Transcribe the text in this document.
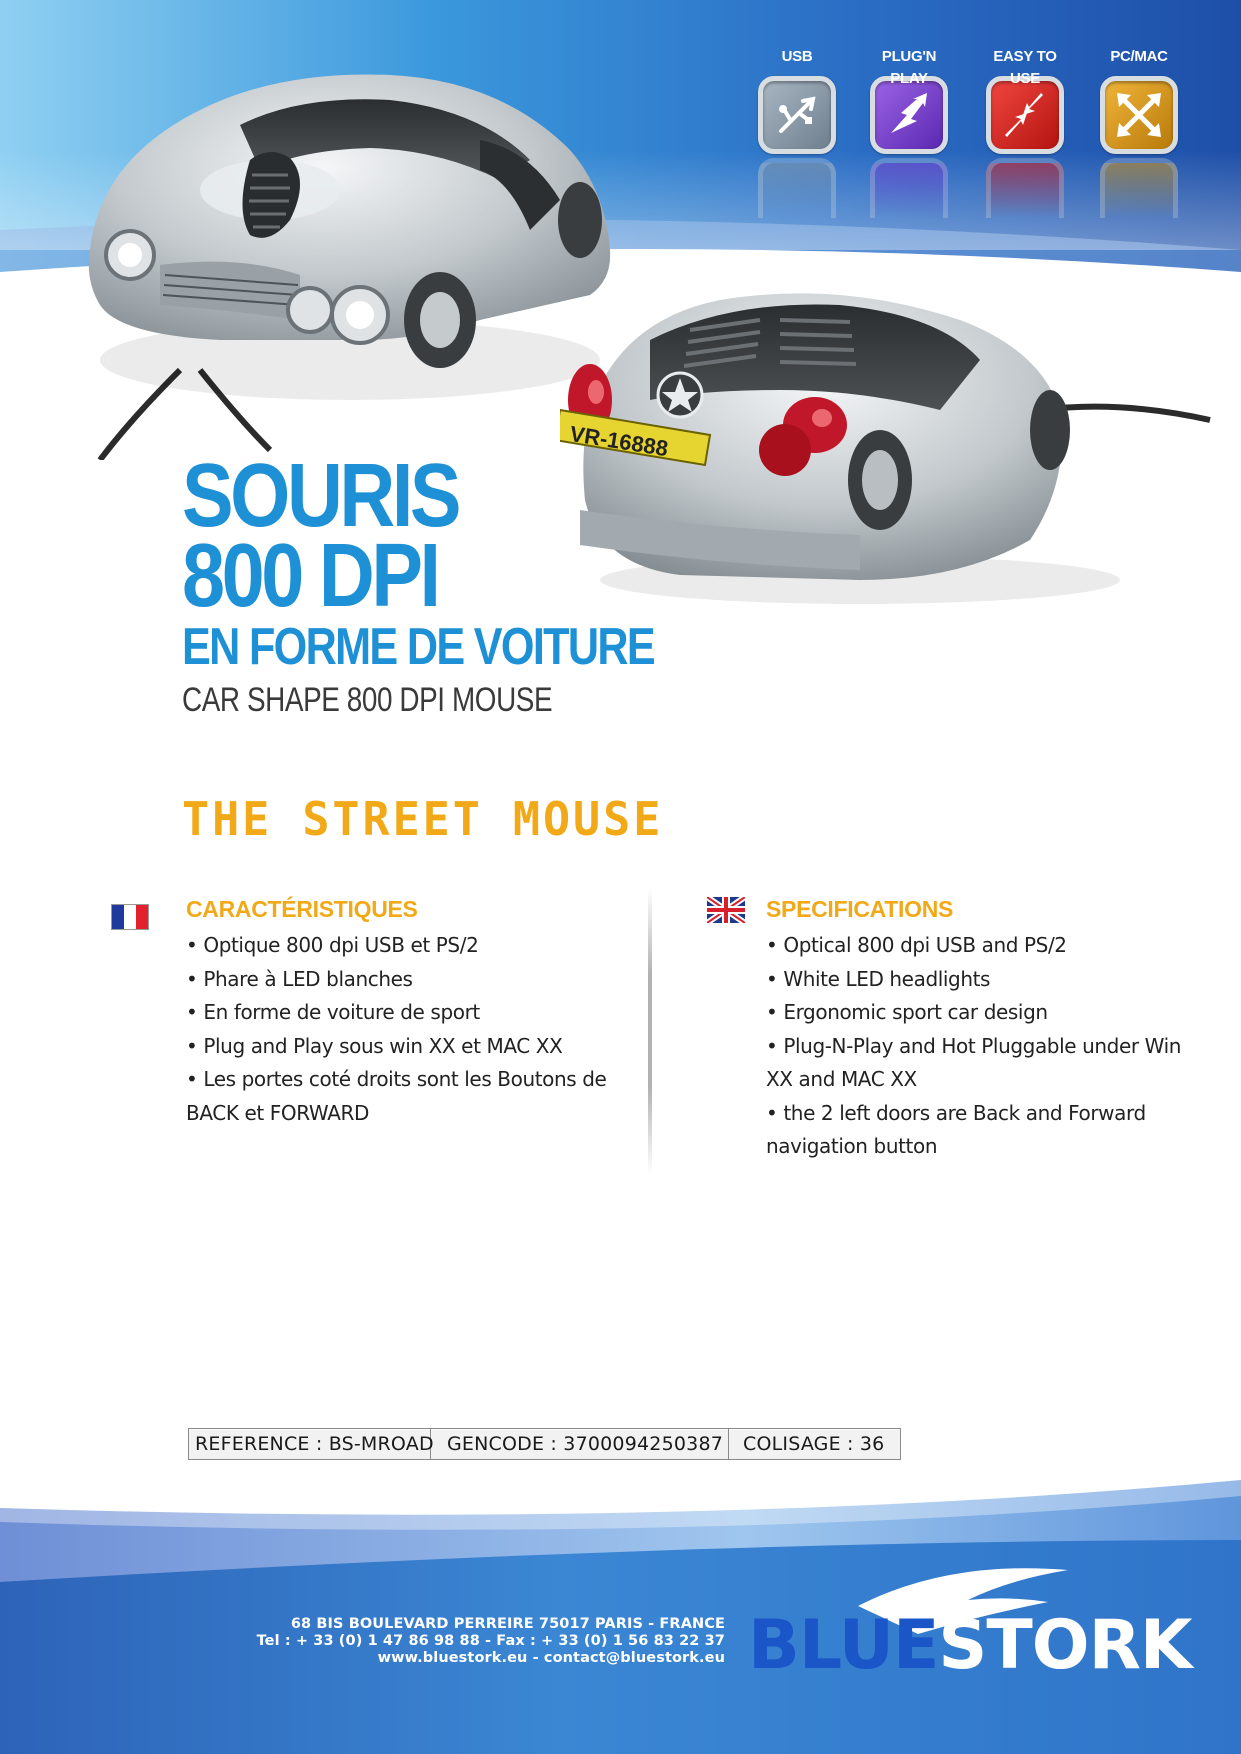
USB	PLUG'N PLAY
EASY TO USE
PC/MAC
VR-16888
SOURIS
800 DPI
EN FORME DE VOITURE
CAR SHAPE 800 DPI MOUSE
THE STREET MOUSE
CARACTÉRISTIQUES
• Optique 800 dpi USB et PS/2
• Phare à LED blanches
• En forme de voiture de sport
• Plug and Play sous win XX et MAC XX
• Les portes coté droits sont les Boutons de
BACK et FORWARD
SPECIFICATIONS
• Optical 800 dpi USB and PS/2
• White LED headlights
• Ergonomic sport car design
• Plug-N-Play and Hot Pluggable under Win
XX and MAC XX
• the 2 left doors are Back and Forward
navigation button
REFERENCE : BS-MROAD GENCODE : 3700094250387	COLISAGE : 36
68 BIS BOULEVARD PERREIRE 75017 PARIS - FRANCE
Tel : + 33 (0) 1 47 86 98 88 - Fax : + 33 (0) 1 56 83 22 37
www.bluestork.eu - contact@bluestork.eu BLUESTORK
